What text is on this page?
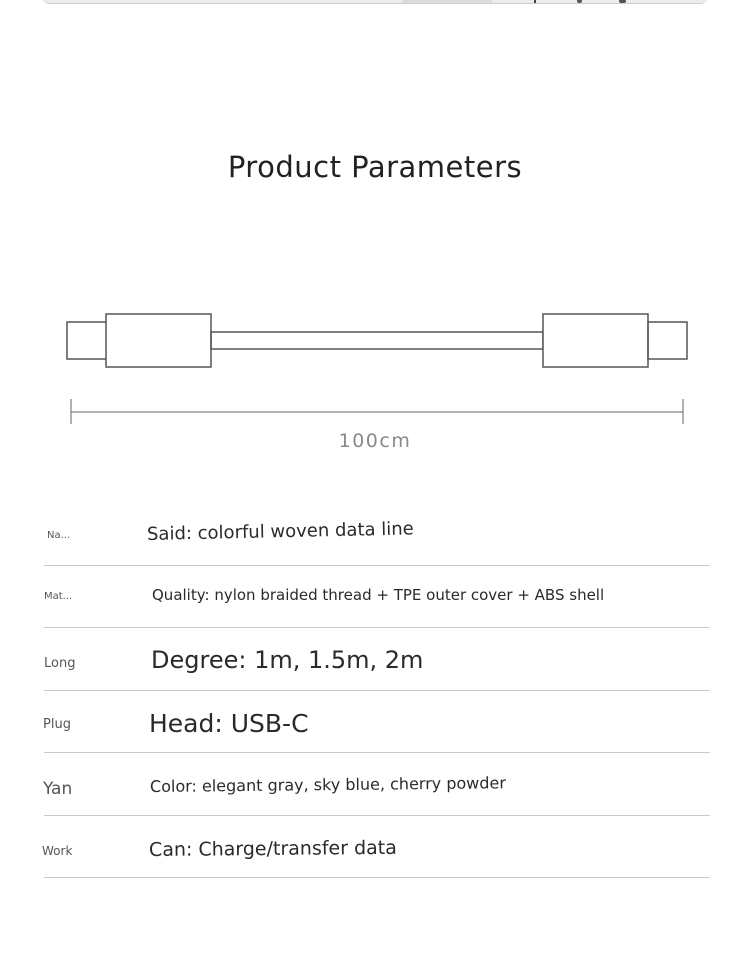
Product Parameters
100cm
Na...	Said: colorful woven data line
Mat...	Quality: nylon braided thread + TPE outer cover + ABS shell
Long	Degree: 1m, 1.5m, 2m
Plug	Head: USB-C
Yan	Color: elegant gray, sky blue, cherry powder
Work	Can: Charge/transfer data
